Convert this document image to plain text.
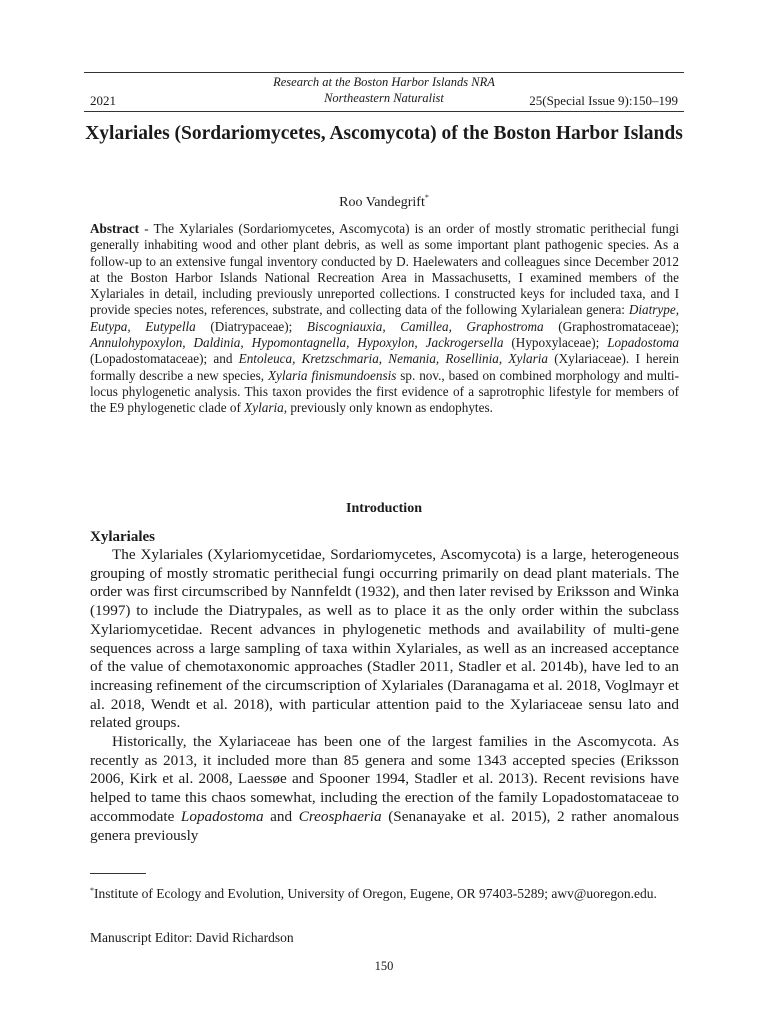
Research at the Boston Harbor Islands NRA
Northeastern Naturalist
2021	25(Special Issue 9):150–199
Xylariales (Sordariomycetes, Ascomycota) of the Boston Harbor Islands
Roo Vandegrift*

Abstract - The Xylariales (Sordariomycetes, Ascomycota) is an order of mostly stromatic perithecial fungi generally inhabiting wood and other plant debris, as well as some important plant pathogenic species. As a follow-up to an extensive fungal inventory conducted by D. Haelewaters and colleagues since December 2012 at the Boston Harbor Islands National Recreation Area in Massachusetts, I examined members of the Xylariales in detail, including previously unreported collections. I constructed keys for included taxa, and I provide species notes, references, substrate, and collecting data of the following Xylarialean genera: Diatrype, Eutypa, Eutypella (Diatrypaceae); Biscogniauxia, Camillea, Graphostroma (Graphostromataceae); Annulohypoxylon, Daldinia, Hypomontagnella, Hypoxylon, Jackrogersella (Hypoxylaceae); Lopadostoma (Lopadostomataceae); and Entoleuca, Kretzschmaria, Nemania, Rosellinia, Xylaria (Xylariaceae). I herein formally describe a new species, Xylaria finismundoensis sp. nov., based on combined morphology and multi-locus phylogenetic analysis. This taxon provides the first evidence of a saprotrophic lifestyle for members of the E9 phylogenetic clade of Xylaria, previously only known as endophytes.

Introduction
Xylariales

The Xylariales (Xylariomycetidae, Sordariomycetes, Ascomycota) is a large, heterogeneous grouping of mostly stromatic perithecial fungi occurring primarily on dead plant materials. The order was first circumscribed by Nannfeldt (1932), and then later revised by Eriksson and Winka (1997) to include the Diatrypales, as well as to place it as the only order within the subclass Xylariomycetidae. Recent advances in phylogenetic methods and availability of multi-gene sequences across a large sampling of taxa within Xylariales, as well as an increased acceptance of the value of chemotaxonomic approaches (Stadler 2011, Stadler et al. 2014b), have led to an increasing refinement of the circumscription of Xylariales (Daranagama et al. 2018, Voglmayr et al. 2018, Wendt et al. 2018), with particular attention paid to the Xylariaceae sensu lato and related groups.

Historically, the Xylariaceae has been one of the largest families in the Ascomycota. As recently as 2013, it included more than 85 genera and some 1343 accepted species (Eriksson 2006, Kirk et al. 2008, Laessøe and Spooner 1994, Stadler et al. 2013). Recent revisions have helped to tame this chaos somewhat, including the erection of the family Lopadostomataceae to accommodate Lopadostoma and Creosphaeria (Senanayake et al. 2015), 2 rather anomalous genera previously

*Institute of Ecology and Evolution, University of Oregon, Eugene, OR 97403-5289; awv@uoregon.edu.
Manuscript Editor: David Richardson
150
